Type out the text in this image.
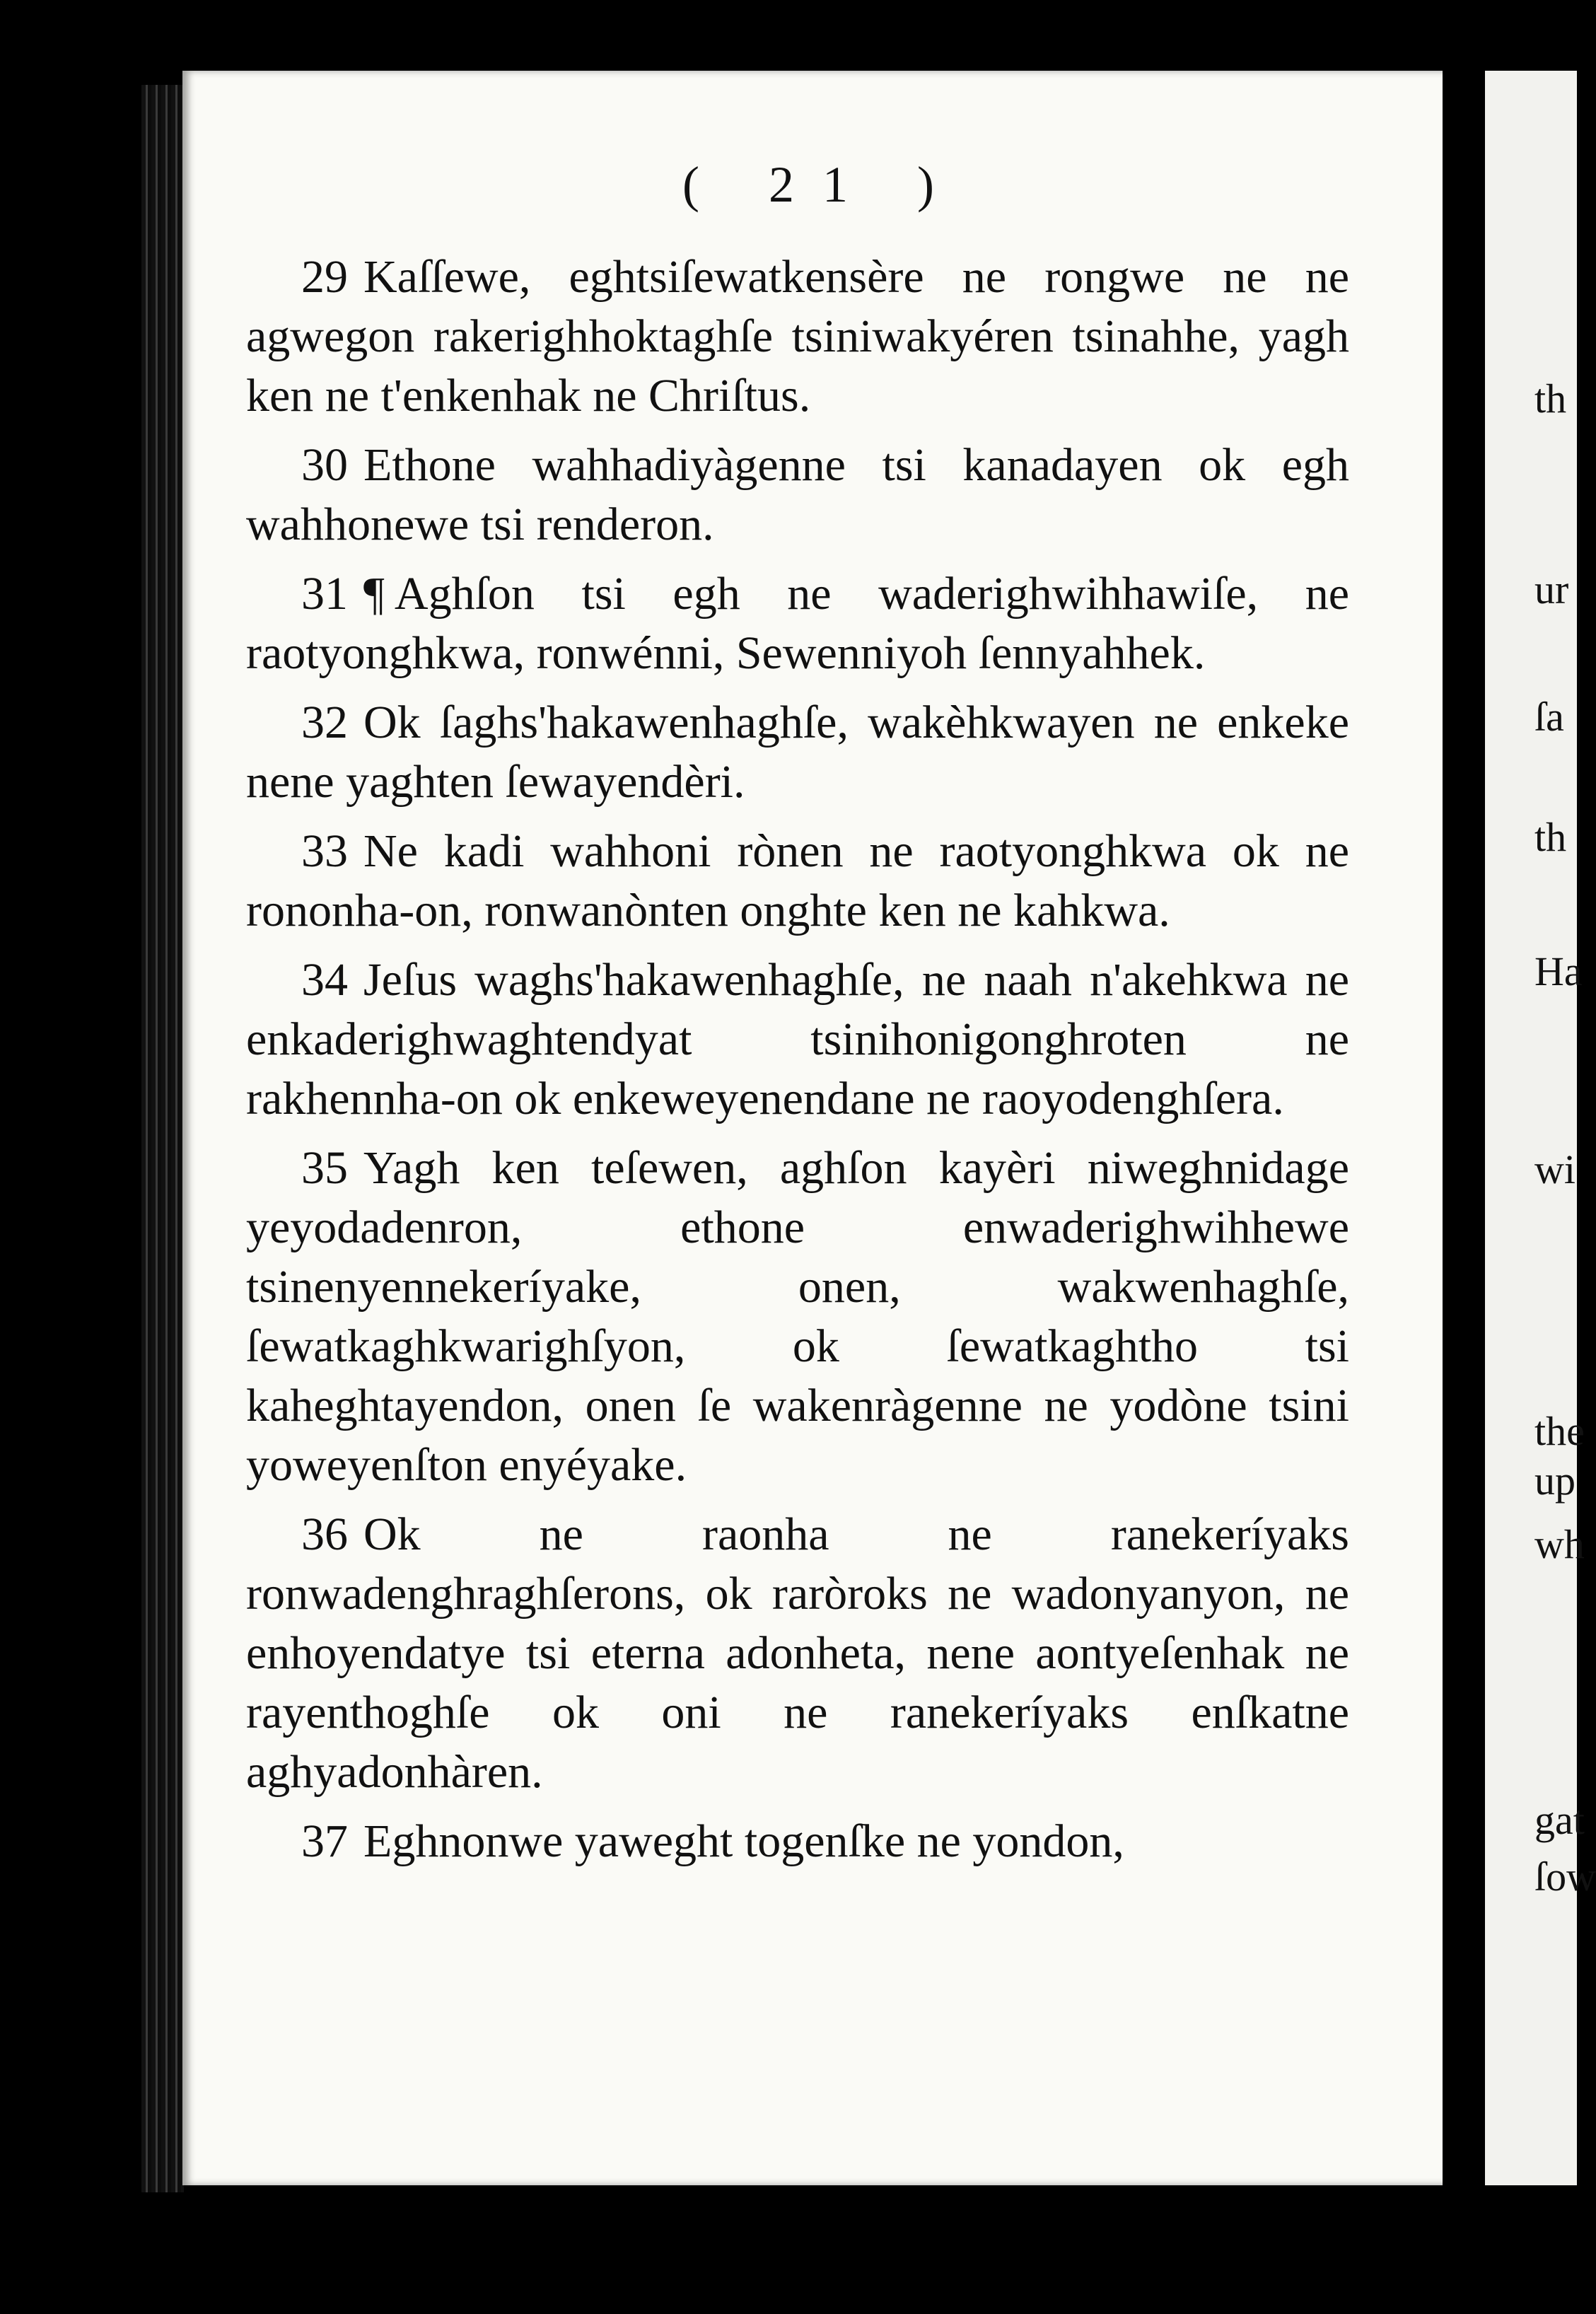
( 21 )

29 Kaſſewe, eghtsiſewatkensère ne rongwe ne ne agwegon rakerighhoktaghſe tsiniwakyéren tsinahhe, yagh ken ne t'enkenhak ne Chriſtus.

30 Ethone wahhadiyàgenne tsi kanadayen ok egh wahhonewe tsi renderon.

31 ¶ Aghſon tsi egh ne waderighwihhawiſe, ne raotyonghkwa, ronwénni, Sewenniyoh ſennyahhek.

32 Ok ſaghs'hakawenhaghſe, wakèhkwayen ne enkeke nene yaghten ſewayendèri.

33 Ne kadi wahhoni rònen ne raotyonghkwa ok ne rononha-on, ronwanònten onghte ken ne kahkwa.

34 Jeſus waghs'hakawenhaghſe, ne naah n'akehkwa ne enkaderighwaghtendyat tsinihonigonghroten ne rakhennha-on ok enkeweyenendane ne raoyodenghſera.

35 Yagh ken teſewen, aghſon kayèri niweghnidage yeyodadenron, ethone enwaderighwihhewe tsinenyennekeríyake, onen, wakwenhaghſe, ſewatkaghkwarighſyon, ok ſewatkaghtho tsi kaheghtayendon, onen ſe wakenràgenne ne yodòne tsini yoweyenſton enyéyake.

36 Ok ne raonha ne ranekeríyaks ronwadenghraghſerons, ok raròroks ne wadonyanyon, ne enhoyendatye tsi eterna adonheta, nene aontyeſenhak ne rayenthoghſe ok oni ne ranekeríyaks enſkatne aghyadonhàren.

37 Eghnonwe yaweght togenſke ne yondon,

th
ur
ſa
th
Ha
wi
the
up
wh
gat
ſow
